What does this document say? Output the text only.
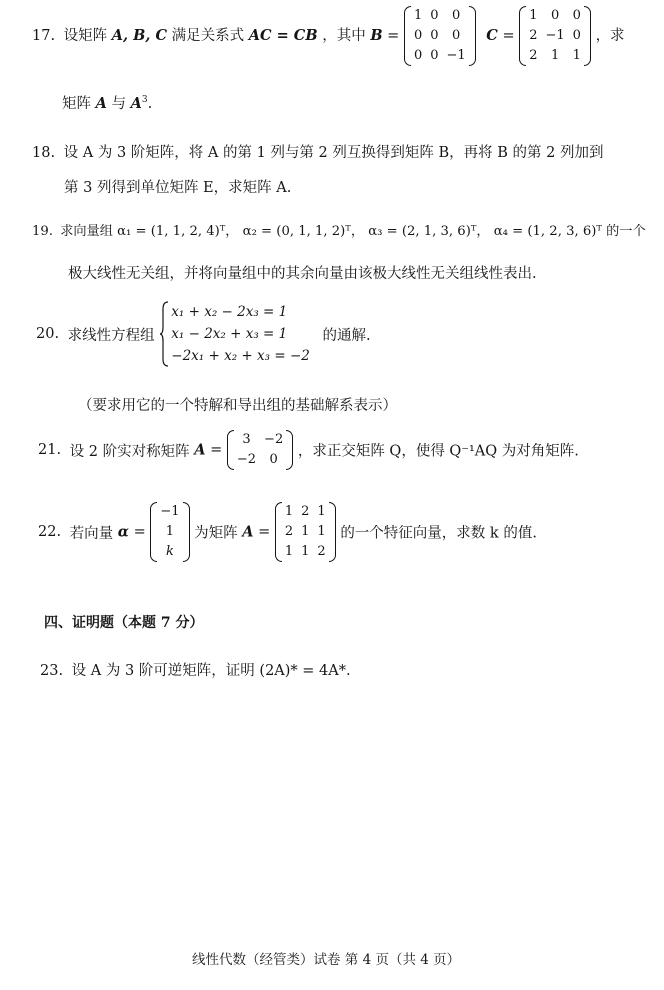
17. 设矩阵 A, B, C 满足关系式 AC = CB ，其中 B =
1	0	0
0	0	0
0	0	−1
C =
1	0	0
2	−1	0
2	1	1
，求
矩阵 A 与 $A^3$.
18. 设 A 为 3 阶矩阵，将 A 的第 1 列与第 2 列互换得到矩阵 B，再将 B 的第 2 列加到
第 3 列得到单位矩阵 E，求矩阵 A.
19. 求向量组 α₁ = (1, 1, 2, 4)ᵀ， α₂ = (0, 1, 1, 2)ᵀ， α₃ = (2, 1, 3, 6)ᵀ， α₄ = (1, 2, 3, 6)ᵀ 的一个
极大线性无关组，并将向量组中的其余向量由该极大线性无关组线性表出.
20. 求线性方程组
x₁ + x₂ − 2x₃ = 1
x₁ − 2x₂ + x₃ = 1
−2x₁ + x₂ + x₃ = −2
的通解.
（要求用它的一个特解和导出组的基础解系表示）
21. 设 2 阶实对称矩阵 A =
3	−2
−2	0 ，求正交矩阵 Q，使得 Q⁻¹AQ 为对角矩阵.
22. 若向量 α =
−1
1
k
为矩阵 A =
1	2	1
2	1	1
1	1	2
的一个特征向量，求数 k 的值.
四、证明题（本题 7 分）
23. 设 A 为 3 阶可逆矩阵，证明 (2A)* = 4A*.
线性代数（经管类）试卷 第 4 页（共 4 页）
